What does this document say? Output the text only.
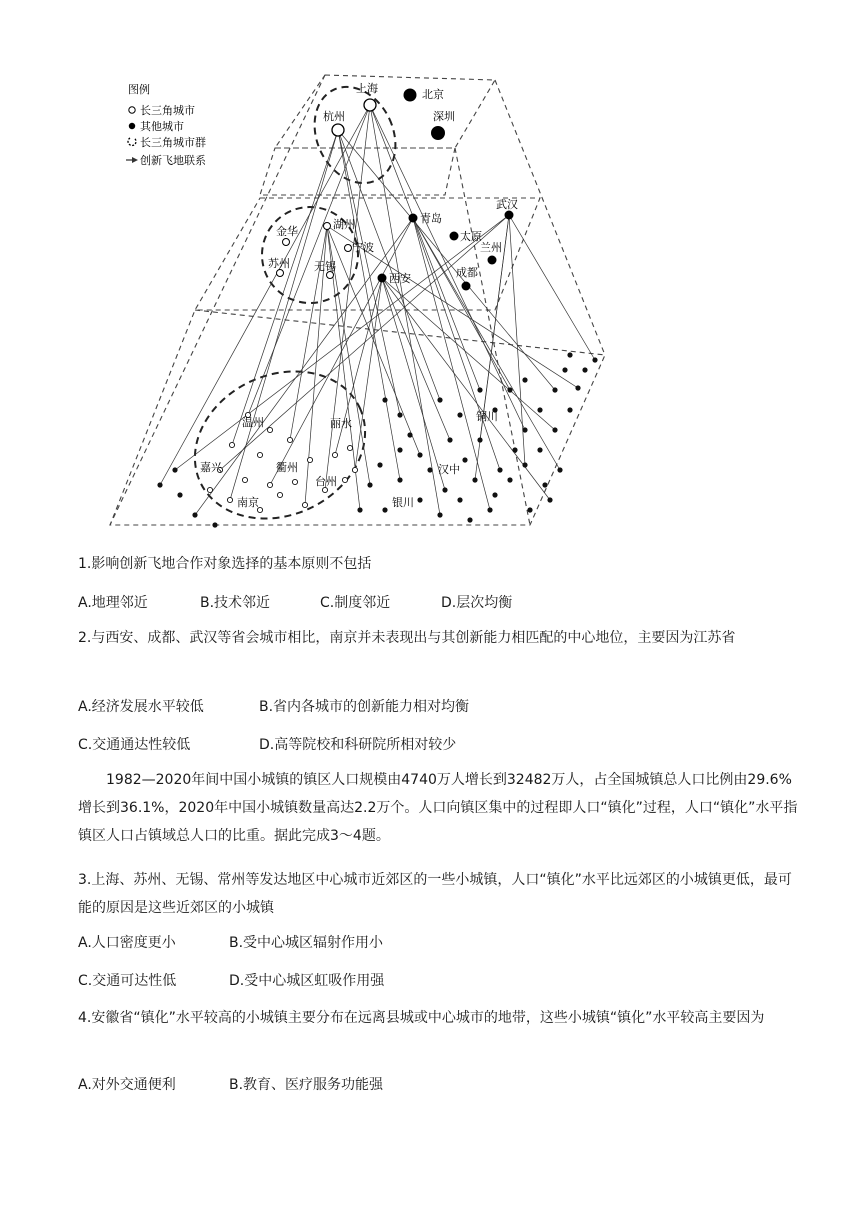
图例
长三角城市
其他城市
长三角城市群
创新飞地联系
上海	北京
杭州	深圳
金华
湖州
宁波
苏州 无锡
青岛
太原
武汉
兰州
西安	成都
温州	丽水
铜川
嘉兴	衢州
台州
汉中
南京	银川
1.影响创新飞地合作对象选择的基本原则不包括
A.地理邻近	B.技术邻近	C.制度邻近	D.层次均衡
2.与西安、成都、武汉等省会城市相比，南京并未表现出与其创新能力相匹配的中心地位，主要因为江苏省
A.经济发展水平较低	B.省内各城市的创新能力相对均衡
C.交通通达性较低	D.高等院校和科研院所相对较少
1982—2020年间中国小城镇的镇区人口规模由4740万人增长到32482万人，占全国城镇总人口比例由29.6%增长到36.1%，2020年中国小城镇数量高达2.2万个。人口向镇区集中的过程即人口“镇化”过程，人口“镇化”水平指镇区人口占镇域总人口的比重。据此完成3～4题。
3.上海、苏州、无锡、常州等发达地区中心城市近郊区的一些小城镇，人口“镇化”水平比远郊区的小城镇更低，最可能的原因是这些近郊区的小城镇
A.人口密度更小	B.受中心城区辐射作用小
C.交通可达性低	D.受中心城区虹吸作用强
4.安徽省“镇化”水平较高的小城镇主要分布在远离县城或中心城市的地带，这些小城镇“镇化”水平较高主要因为
A.对外交通便利	B.教育、医疗服务功能强
